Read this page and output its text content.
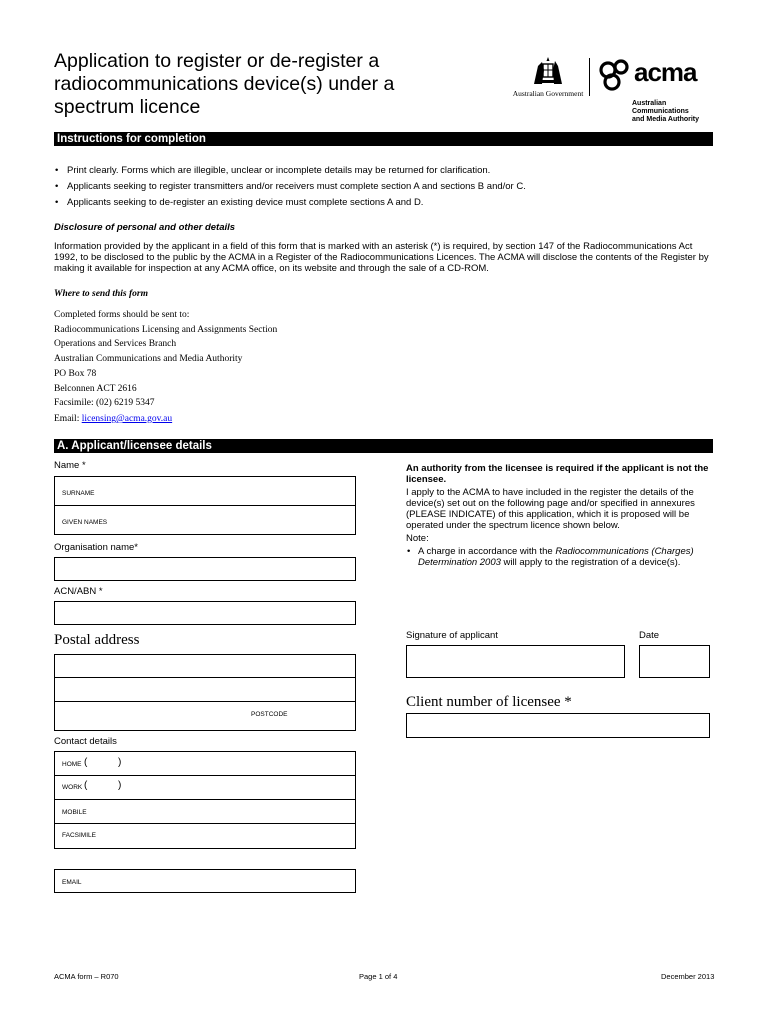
Application to register or de-register a radiocommunications device(s) under a spectrum licence
Australian Government
acma
Australian
Communications
and Media Authority
Instructions for completion
• Print clearly. Forms which are illegible, unclear or incomplete details may be returned for clarification.
• Applicants seeking to register transmitters and/or receivers must complete section A and sections B and/or C.
• Applicants seeking to de-register an existing device must complete sections A and D.
Disclosure of personal and other details
Information provided by the applicant in a field of this form that is marked with an asterisk (*) is required, by section 147 of the Radiocommunications Act 1992, to be disclosed to the public by the ACMA in a Register of the Radiocommunications Licences. The ACMA will disclose the contents of the Register by making it available for inspection at any ACMA office, on its website and through the sale of a CD-ROM.
Where to send this form
Completed forms should be sent to:
Radiocommunications Licensing and Assignments Section
Operations and Services Branch
Australian Communications and Media Authority
PO Box 78
Belconnen ACT 2616
Facsimile: (02) 6219 5347
Email: licensing@acma.gov.au
A. Applicant/licensee details
Name *
SURNAME
GIVEN NAMES
Organisation name*
ACN/ABN *
Postal address
POSTCODE
Contact details
HOME (	)
WORK (	)
MOBILE
FACSIMILE
EMAIL

An authority from the licensee is required if the applicant is not the licensee.

I apply to the ACMA to have included in the register the details of the device(s) set out on the following page and/or specified in annexures (PLEASE INDICATE) of this application, which it is proposed will be operated under the spectrum licence shown below.

Note:

• A charge in accordance with the Radiocommunications (Charges) Determination 2003 will apply to the registration of a device(s).

Signature of applicant	Date
Client number of licensee *
ACMA form – R070	Page 1 of 4	December 2013
